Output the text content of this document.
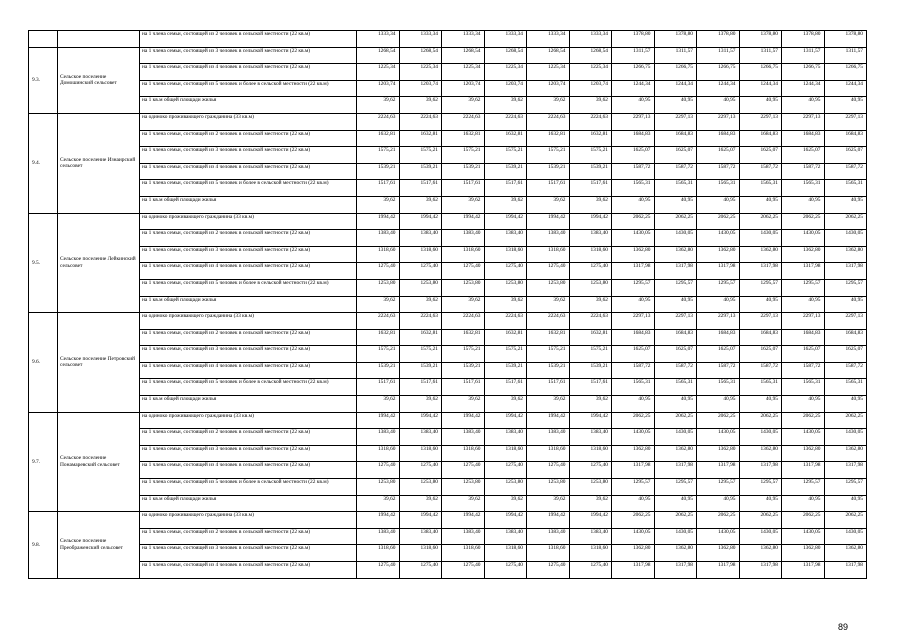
		на 1 члена семьи, состоящей из 2 человек в сельской местности (22 кв.м)	1333,34	1333,34	1333,34	1333,34	1333,34	1333,34	1378,80	1378,80	1378,80	1378,80	1378,80	1378,80
9.3.	Сельское поселение Домошинский сельсовет	на 1 члена семьи, состоящей из 3 человек в сельской местности (22 кв.м)	1268,54	1268,54	1268,54	1268,54	1268,54	1268,54	1311,57	1311,57	1311,57	1311,57	1311,57	1311,57
		на 1 члена семьи, состоящей из 4 человек в сельской местности (22 кв.м)	1225,34	1225,34	1225,34	1225,34	1225,34	1225,34	1266,75	1266,75	1266,75	1266,75	1266,75	1266,75
		на 1 члена семьи, состоящей из 5 человек и более в сельской местности (22 кв.м)	1203,74	1203,74	1203,74	1203,74	1203,74	1203,74	1244,34	1244,34	1244,34	1244,34	1244,34	1244,34
		на 1 кв.м общей площади жилья	39,62	39,62	39,62	39,62	39,62	39,62	40,95	40,95	40,95	40,95	40,95	40,95
9.4.	Сельское поселение Изнаирский сельсовет	на одиноко проживающего гражданина (33 кв.м)	2224,63	2224,63	2224,63	2224,63	2224,63	2224,63	2297,13	2297,13	2297,13	2297,13	2297,13	2297,13
		на 1 члена семьи, состоящей из 2 человек в сельской местности (22 кв.м)	1632,81	1632,81	1632,81	1632,81	1632,81	1632,81	1684,83	1684,83	1684,83	1684,83	1684,83	1684,83
		на 1 члена семьи, состоящей из 3 человек в сельской местности (22 кв.м)	1575,21	1575,21	1575,21	1575,21	1575,21	1575,21	1625,07	1625,07	1625,07	1625,07	1625,07	1625,07
		на 1 члена семьи, состоящей из 4 человек в сельской местности (22 кв.м)	1539,21	1539,21	1539,21	1539,21	1539,21	1539,21	1587,72	1587,72	1587,72	1587,72	1587,72	1587,72
		на 1 члена семьи, состоящей из 5 человек и более в сельской местности (22 кв.м)	1517,61	1517,61	1517,61	1517,61	1517,61	1517,61	1565,31	1565,31	1565,31	1565,31	1565,31	1565,31
		на 1 кв.м общей площади жилья	39,62	39,62	39,62	39,62	39,62	39,62	40,95	40,95	40,95	40,95	40,95	40,95
9.5.	Сельское поселение Лейкинский сельсовет	на одиноко проживающего гражданина (33 кв.м)	1994,42	1994,42	1994,42	1994,42	1994,42	1994,42	2062,25	2062,25	2062,25	2062,25	2062,25	2062,25
		на 1 члена семьи, состоящей из 2 человек в сельской местности (22 кв.м)	1383,40	1383,40	1383,40	1383,40	1383,40	1383,40	1430,05	1430,05	1430,05	1430,05	1430,05	1430,05
		на 1 члена семьи, состоящей из 3 человек в сельской местности (22 кв.м)	1318,60	1318,60	1318,60	1318,60	1318,60	1318,60	1362,80	1362,80	1362,80	1362,80	1362,80	1362,80
		на 1 члена семьи, состоящей из 4 человек в сельской местности (22 кв.м)	1275,40	1275,40	1275,40	1275,40	1275,40	1275,40	1317,98	1317,98	1317,98	1317,98	1317,98	1317,98
		на 1 члена семьи, состоящей из 5 человек и более в сельской местности (22 кв.м)	1253,80	1253,80	1253,80	1253,80	1253,80	1253,80	1295,57	1295,57	1295,57	1295,57	1295,57	1295,57
		на 1 кв.м общей площади жилья	39,62	39,62	39,62	39,62	39,62	39,62	40,95	40,95	40,95	40,95	40,95	40,95
9.6.	Сельское поселение Петровский сельсовет	на одиноко проживающего гражданина (33 кв.м)	2224,63	2224,63	2224,63	2224,63	2224,63	2224,63	2297,13	2297,13	2297,13	2297,13	2297,13	2297,13
		на 1 члена семьи, состоящей из 2 человек в сельской местности (22 кв.м)	1632,81	1632,81	1632,81	1632,81	1632,81	1632,81	1684,83	1684,83	1684,83	1684,83	1684,83	1684,83
		на 1 члена семьи, состоящей из 3 человек в сельской местности (22 кв.м)	1575,21	1575,21	1575,21	1575,21	1575,21	1575,21	1625,07	1625,07	1625,07	1625,07	1625,07	1625,07
		на 1 члена семьи, состоящей из 4 человек в сельской местности (22 кв.м)	1539,21	1539,21	1539,21	1539,21	1539,21	1539,21	1587,72	1587,72	1587,72	1587,72	1587,72	1587,72
		на 1 члена семьи, состоящей из 5 человек и более в сельской местности (22 кв.м)	1517,61	1517,61	1517,61	1517,61	1517,61	1517,61	1565,31	1565,31	1565,31	1565,31	1565,31	1565,31
		на 1 кв.м общей площади жилья	39,62	39,62	39,62	39,62	39,62	39,62	40,95	40,95	40,95	40,95	40,95	40,95
9.7.	Сельское поселение Понамаревский сельсовет	на одиноко проживающего гражданина (33 кв.м)	1994,42	1994,42	1994,42	1994,42	1994,42	1994,42	2062,25	2062,25	2062,25	2062,25	2062,25	2062,25
		на 1 члена семьи, состоящей из 2 человек в сельской местности (22 кв.м)	1383,40	1383,40	1383,40	1383,40	1383,40	1383,40	1430,05	1430,05	1430,05	1430,05	1430,05	1430,05
		на 1 члена семьи, состоящей из 3 человек в сельской местности (22 кв.м)	1318,60	1318,60	1318,60	1318,60	1318,60	1318,60	1362,80	1362,80	1362,80	1362,80	1362,80	1362,80
		на 1 члена семьи, состоящей из 4 человек в сельской местности (22 кв.м)	1275,40	1275,40	1275,40	1275,40	1275,40	1275,40	1317,98	1317,98	1317,98	1317,98	1317,98	1317,98
		на 1 члена семьи, состоящей из 5 человек и более в сельской местности (22 кв.м)	1253,80	1253,80	1253,80	1253,80	1253,80	1253,80	1295,57	1295,57	1295,57	1295,57	1295,57	1295,57
		на 1 кв.м общей площади жилья	39,62	39,62	39,62	39,62	39,62	39,62	40,95	40,95	40,95	40,95	40,95	40,95
9.8.	Сельское поселение Преображенский сельсовет	на одиноко проживающего гражданина (33 кв.м)	1994,42	1994,42	1994,42	1994,42	1994,42	1994,42	2062,25	2062,25	2062,25	2062,25	2062,25	2062,25
		на 1 члена семьи, состоящей из 2 человек в сельской местности (22 кв.м)	1383,40	1383,40	1383,40	1383,40	1383,40	1383,40	1430,05	1430,05	1430,05	1430,05	1430,05	1430,05
		на 1 члена семьи, состоящей из 3 человек в сельской местности (22 кв.м)	1318,60	1318,60	1318,60	1318,60	1318,60	1318,60	1362,80	1362,80	1362,80	1362,80	1362,80	1362,80
		на 1 члена семьи, состоящей из 4 человек в сельской местности (22 кв.м)	1275,40	1275,40	1275,40	1275,40	1275,40	1275,40	1317,98	1317,98	1317,98	1317,98	1317,98	1317,98
89
